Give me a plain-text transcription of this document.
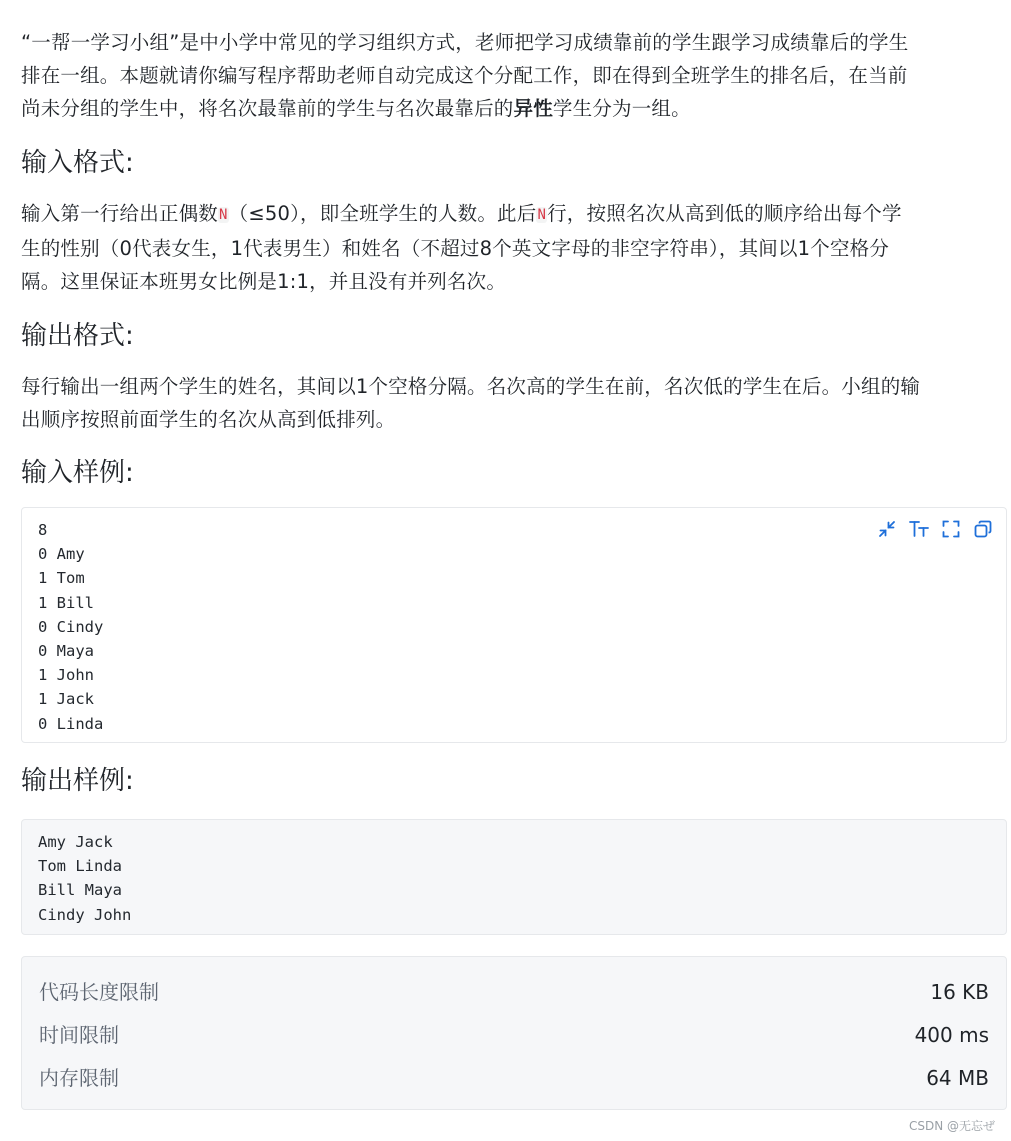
“一帮一学习小组”是中小学中常见的学习组织方式，老师把学习成绩靠前的学生跟学习成绩靠后的学生

排在一组。本题就请你编写程序帮助老师自动完成这个分配工作，即在得到全班学生的排名后，在当前

尚未分组的学生中，将名次最靠前的学生与名次最靠后的异性学生分为一组。

输入格式:

输入第一行给出正偶数N（≤50），即全班学生的人数。此后N行，按照名次从高到低的顺序给出每个学

生的性别（0代表女生，1代表男生）和姓名（不超过8个英文字母的非空字符串），其间以1个空格分

隔。这里保证本班男女比例是1:1，并且没有并列名次。

输出格式:

每行输出一组两个学生的姓名，其间以1个空格分隔。名次高的学生在前，名次低的学生在后。小组的输

出顺序按照前面学生的名次从高到低排列。

输入样例:
8
0 Amy
1 Tom
1 Bill
0 Cindy
0 Maya
1 John
1 Jack
0 Linda
输出样例:
Amy Jack
Tom Linda
Bill Maya
Cindy John
代码长度限制	16 KB
时间限制	400 ms
内存限制	64 MB
CSDN @无忘ぜ
